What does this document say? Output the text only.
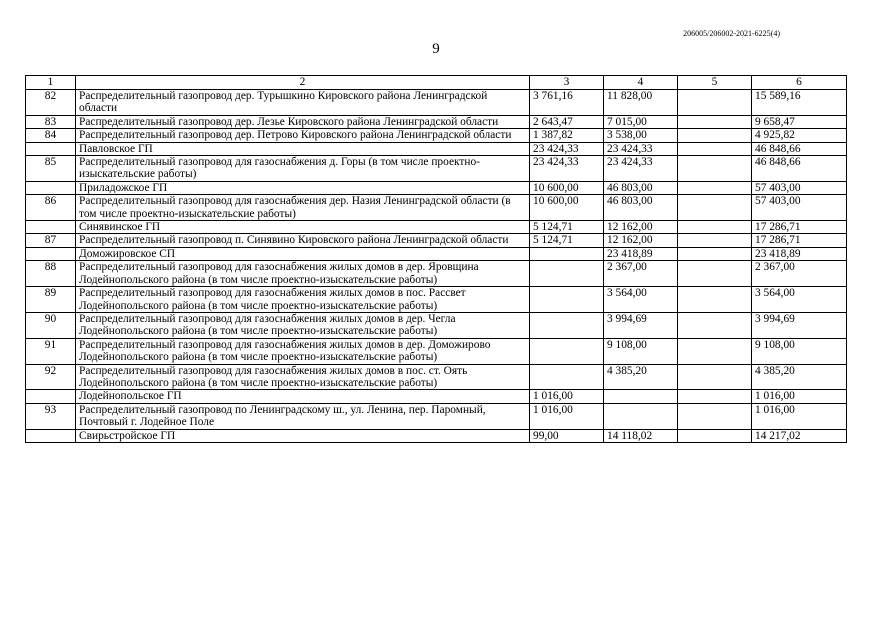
206005/206002-2021-6225(4)
9
1	2	3	4	5	6
82	Распределительный газопровод дер. Турышкино Кировского района Ленинградской области	3 761,16	11 828,00		15 589,16
83	Распределительный газопровод дер. Лезье Кировского района Ленинградской области	2 643,47	7 015,00		9 658,47
84	Распределительный газопровод дер. Петрово Кировского района Ленинградской области	1 387,82	3 538,00		4 925,82
	Павловское ГП	23 424,33	23 424,33		46 848,66
85	Распределительный газопровод для газоснабжения д. Горы (в том числе проектно-изыскательские работы)	23 424,33	23 424,33		46 848,66
	Приладожское ГП	10 600,00	46 803,00		57 403,00
86	Распределительный газопровод для газоснабжения дер. Назия Ленинградской области (в том числе проектно-изыскательские работы)	10 600,00	46 803,00		57 403,00
	Синявинское ГП	5 124,71	12 162,00		17 286,71
87	Распределительный газопровод п. Синявино Кировского района Ленинградской области	5 124,71	12 162,00		17 286,71
	Доможировское СП		23 418,89		23 418,89
88	Распределительный газопровод для газоснабжения жилых домов в дер. Яровщина Лодейнопольского района (в том числе проектно-изыскательские работы)		2 367,00		2 367,00
89	Распределительный газопровод для газоснабжения жилых домов в пос. Рассвет Лодейнопольского района (в том числе проектно-изыскательские работы)		3 564,00		3 564,00
90	Распределительный газопровод для газоснабжения жилых домов в дер. Чегла Лодейнопольского района (в том числе проектно-изыскательские работы)		3 994,69		3 994,69
91	Распределительный газопровод для газоснабжения жилых домов в дер. Доможирово Лодейнопольского района (в том числе проектно-изыскательские работы)		9 108,00		9 108,00
92	Распределительный газопровод для газоснабжения жилых домов в пос. ст. Оять Лодейнопольского района (в том числе проектно-изыскательские работы)		4 385,20		4 385,20
	Лодейнопольское ГП	1 016,00			1 016,00
93	Распределительный газопровод по Ленинградскому ш., ул. Ленина, пер. Паромный, Почтовый г. Лодейное Поле	1 016,00			1 016,00
	Свирьстройское ГП	99,00	14 118,02		14 217,02
